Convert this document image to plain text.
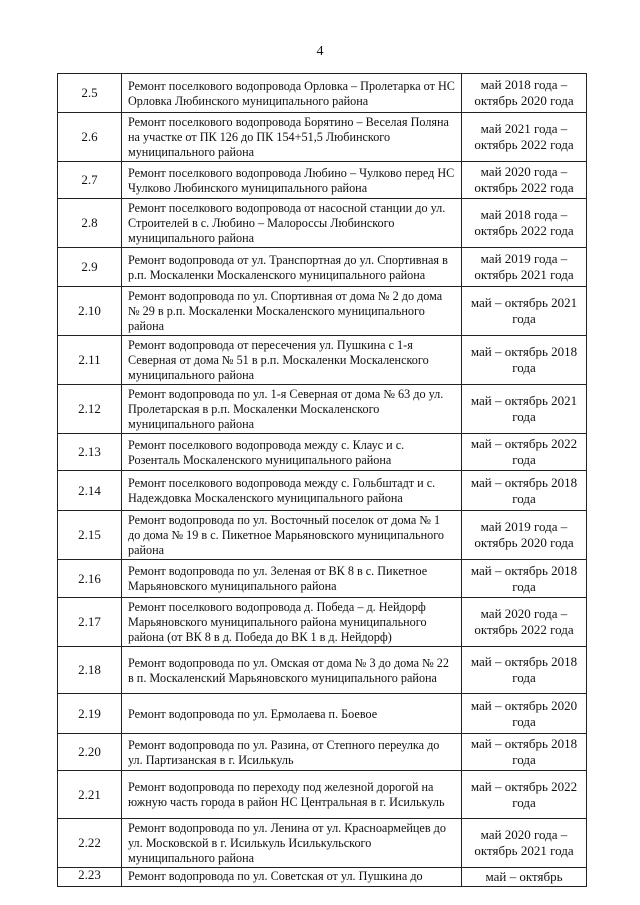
4
2.5	Ремонт поселкового водопровода Орловка – Пролетарка от НС Орловка Любинского муниципального района	май 2018 года – октябрь 2020 года
2.6	Ремонт поселкового водопровода Борятино – Веселая Поляна на участке от ПК 126 до ПК 154+51,5 Любинского муниципального района	май 2021 года – октябрь 2022 года
2.7	Ремонт поселкового водопровода Любино – Чулково перед НС Чулково Любинского муниципального района	май 2020 года – октябрь 2022 года
2.8	Ремонт поселкового водопровода от насосной станции до ул. Строителей в с. Любино – Малороссы Любинского муниципального района	май 2018 года – октябрь 2022 года
2.9	Ремонт водопровода от ул. Транспортная до ул. Спортивная в р.п. Москаленки Москаленского муниципального района	май 2019 года – октябрь 2021 года
2.10	Ремонт водопровода по ул. Спортивная от дома № 2 до дома № 29 в р.п. Москаленки Москаленского муниципального района	май – октябрь 2021 года
2.11	Ремонт водопровода от пересечения ул. Пушкина с 1-я Северная от дома № 51 в р.п. Москаленки Москаленского муниципального района	май – октябрь 2018 года
2.12	Ремонт водопровода по ул. 1-я Северная от дома № 63 до ул. Пролетарская в р.п. Москаленки Москаленского муниципального района	май – октябрь 2021 года
2.13	Ремонт поселкового водопровода между с. Клаус и с. Розенталь Москаленского муниципального района	май – октябрь 2022 года
2.14	Ремонт поселкового водопровода между с. Гольбштадт и с. Надеждовка Москаленского муниципального района	май – октябрь 2018 года
2.15	Ремонт водопровода по ул. Восточный поселок от дома № 1 до дома № 19 в с. Пикетное Марьяновского муниципального района	май 2019 года – октябрь 2020 года
2.16	Ремонт водопровода по ул. Зеленая от ВК 8 в с. Пикетное Марьяновского муниципального района	май – октябрь 2018 года
2.17	Ремонт поселкового водопровода д. Победа – д. Нейдорф Марьяновского муниципального района муниципального района (от ВК 8 в д. Победа до ВК 1 в д. Нейдорф)	май 2020 года – октябрь 2022 года
2.18	Ремонт водопровода по ул. Омская от дома № 3 до дома № 22 в п. Москаленский Марьяновского муниципального района	май – октябрь 2018 года
2.19	Ремонт водопровода по ул. Ермолаева п. Боевое	май – октябрь 2020 года
2.20	Ремонт водопровода по ул. Разина, от Степного переулка до ул. Партизанская в г. Исилькуль	май – октябрь 2018 года
2.21	Ремонт водопровода по переходу под железной дорогой на южную часть города в район НС Центральная в г. Исилькуль	май – октябрь 2022 года
2.22	Ремонт водопровода по ул. Ленина от ул. Красноармейцев до ул. Московской в г. Исилькуль Исилькульского муниципального района	май 2020 года – октябрь 2021 года
2.23	Ремонт водопровода по ул. Советская от ул. Пушкина до	май – октябрь
